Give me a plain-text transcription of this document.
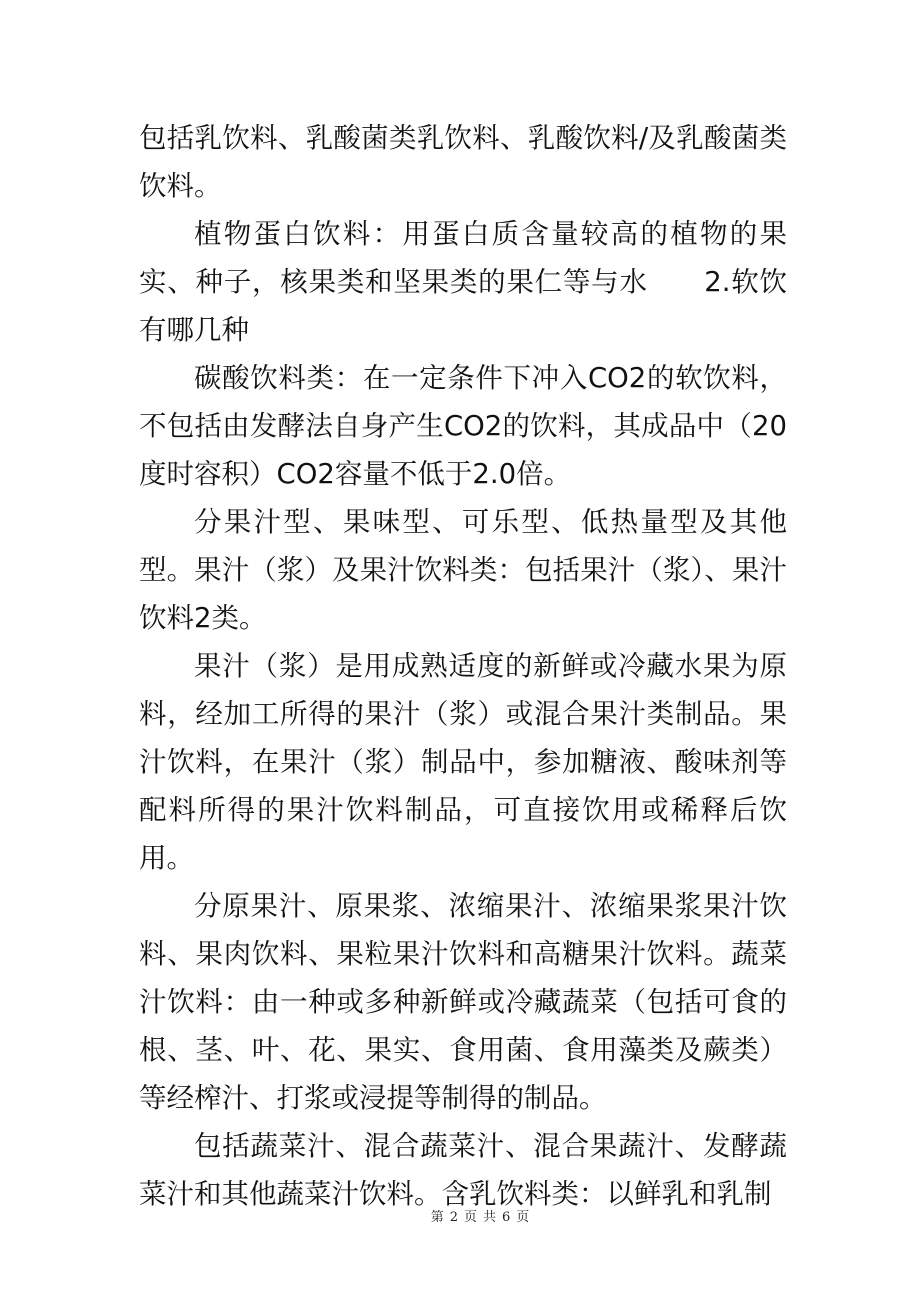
包括乳饮料、乳酸菌类乳饮料、乳酸饮料/及乳酸菌类饮料。

植物蛋白饮料：用蛋白质含量较高的植物的果实、种子，核果类和坚果类的果仁等与水　　2.软饮有哪几种

碳酸饮料类：在一定条件下冲入CO2的软饮料，不包括由发酵法自身产生CO2的饮料，其成品中（20度时容积）CO2容量不低于2.0倍。

分果汁型、果味型、可乐型、低热量型及其他型。果汁（浆）及果汁饮料类：包括果汁（浆）、果汁饮料2类。

果汁（浆）是用成熟适度的新鲜或冷藏水果为原料，经加工所得的果汁（浆）或混合果汁类制品。果汁饮料，在果汁（浆）制品中，参加糖液、酸味剂等配料所得的果汁饮料制品，可直接饮用或稀释后饮用。

分原果汁、原果浆、浓缩果汁、浓缩果浆果汁饮料、果肉饮料、果粒果汁饮料和高糖果汁饮料。蔬菜汁饮料：由一种或多种新鲜或冷藏蔬菜（包括可食的根、茎、叶、花、果实、食用菌、食用藻类及蕨类）等经榨汁、打浆或浸提等制得的制品。

包括蔬菜汁、混合蔬菜汁、混合果蔬汁、发酵蔬菜汁和其他蔬菜汁饮料。含乳饮料类：以鲜乳和乳制

第 2 页 共 6 页
